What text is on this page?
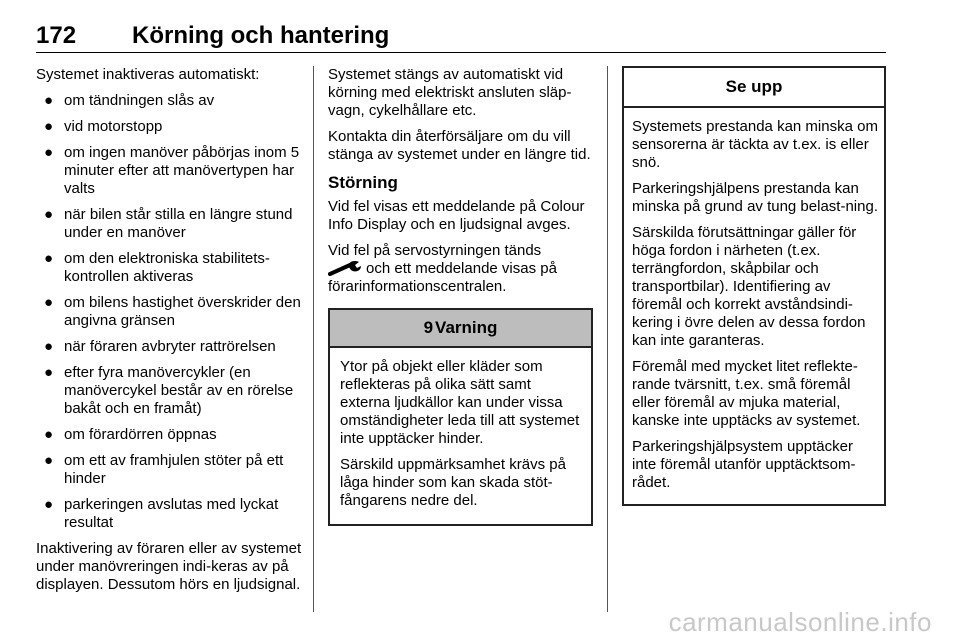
172 Körning och hantering

Systemet inaktiveras automatiskt:

● om tändningen slås av
● vid motorstopp
● om ingen manöver påbörjas inom 5 minuter efter att manövertypen har valts
● när bilen står stilla en längre stund under en manöver
● om den elektroniska stabilitets-kontrollen aktiveras
● om bilens hastighet överskrider den angivna gränsen
● när föraren avbryter rattrörelsen
● efter fyra manövercykler (en manövercykel består av en rörelse bakåt och en framåt)
● om förardörren öppnas
● om ett av framhjulen stöter på ett hinder
● parkeringen avslutas med lyckat resultat

Inaktivering av föraren eller av systemet under manövreringen indi-keras av på displayen. Dessutom hörs en ljudsignal.

Systemet stängs av automatiskt vid körning med elektriskt ansluten släp-vagn, cykelhållare etc.

Kontakta din återförsäljare om du vill stänga av systemet under en längre tid.

Störning

Vid fel visas ett meddelande på Colour Info Display och en ljudsignal avges.

Vid fel på servostyrningen tänds
och ett meddelande visas på förarinformationscentralen.

9 Varning

Ytor på objekt eller kläder som reflekteras på olika sätt samt externa ljudkällor kan under vissa omständigheter leda till att systemet inte upptäcker hinder.

Särskild uppmärksamhet krävs på låga hinder som kan skada stöt-fångarens nedre del.

Se upp

Systemets prestanda kan minska om sensorerna är täckta av t.ex. is eller snö.

Parkeringshjälpens prestanda kan minska på grund av tung belast-ning.

Särskilda förutsättningar gäller för höga fordon i närheten (t.ex. terrängfordon, skåpbilar och transportbilar). Identifiering av föremål och korrekt avståndsindi-kering i övre delen av dessa fordon kan inte garanteras.

Föremål med mycket litet reflekte-rande tvärsnitt, t.ex. små föremål eller föremål av mjuka material, kanske inte upptäcks av systemet.

Parkeringshjälpsystem upptäcker inte föremål utanför upptäcktsom-rådet.

carmanualsonline.info
